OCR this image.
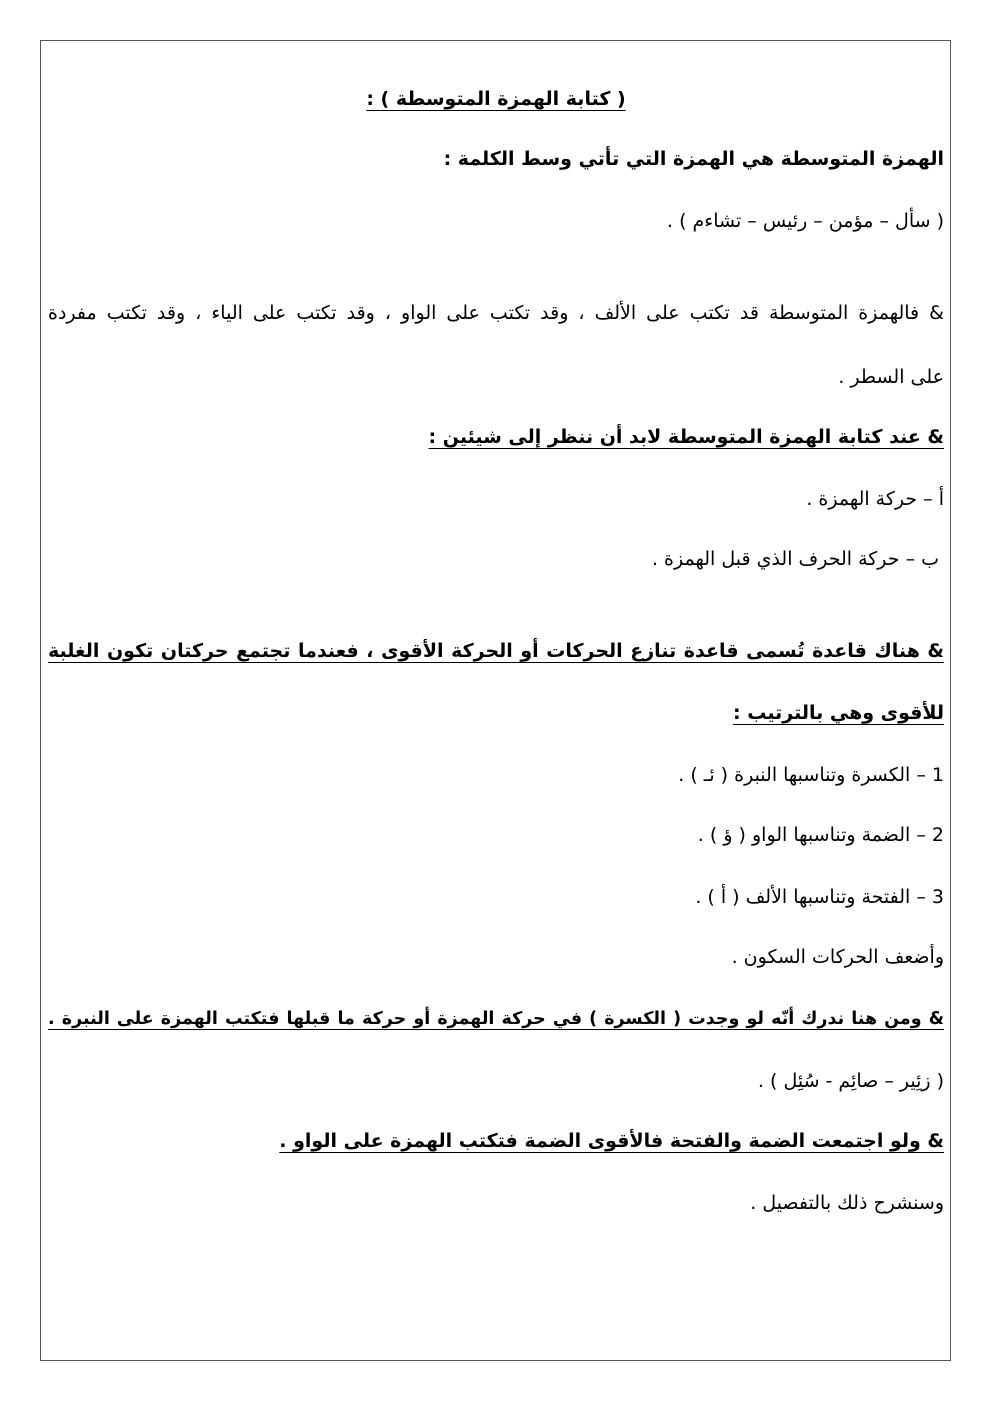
( كتابة الهمزة المتوسطة ) :
الهمزة المتوسطة هي الهمزة التي تأتي وسط الكلمة :
( سأل – مؤمن – رئيس – تشاءم ) .
& فالهمزة المتوسطة قد تكتب على الألف ، وقد تكتب على الواو ، وقد تكتب على الياء ، وقد تكتب مفردة
على السطر .
& عند كتابة الهمزة المتوسطة لابد أن ننظر إلى شيئين :
أ – حركة الهمزة .
ب – حركة الحرف الذي قبل الهمزة .
& هناك قاعدة تُسمى قاعدة تنازع الحركات أو الحركة الأقوى ، فعندما تجتمع حركتان تكون الغلبة
للأقوى وهي بالترتيب :
1 – الكسرة وتناسبها النبرة ( ئـ ) .
2 – الضمة وتناسبها الواو ( ؤ ) .
3 – الفتحة وتناسبها الألف ( أ ) .
وأضعف الحركات السكون .
& ومن هنا ندرك أنّه لو وجدت ( الكسرة ) في حركة الهمزة أو حركة ما قبلها فتكتب الهمزة على النبرة .
( زئِير – صائِم - سُئِل ) .
& ولو اجتمعت الضمة والفتحة فالأقوى الضمة فتكتب الهمزة على الواو .
وسنشرح ذلك بالتفصيل .
